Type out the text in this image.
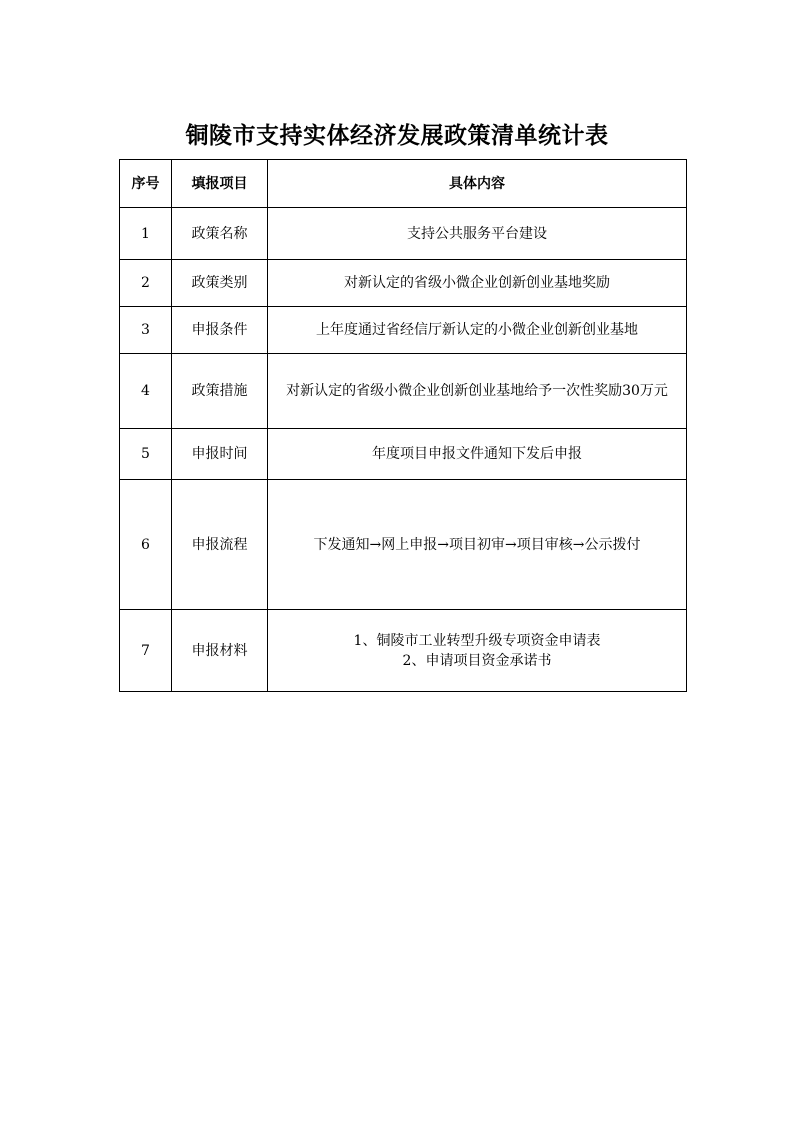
铜陵市支持实体经济发展政策清单统计表
序号	填报项目	具体内容
1	政策名称	支持公共服务平台建设

2	政策类别	对新认定的省级小微企业创新创业基地奖励

3	申报条件	上年度通过省经信厅新认定的小微企业创新创业基地

4	政策措施	对新认定的省级小微企业创新创业基地给予一次性奖励30万元

5	申报时间	年度项目申报文件通知下发后申报

6	申报流程	下发通知→网上申报→项目初审→项目审核→公示拨付

7	申报材料	1、铜陵市工业转型升级专项资金申请表
2、申请项目资金承诺书
